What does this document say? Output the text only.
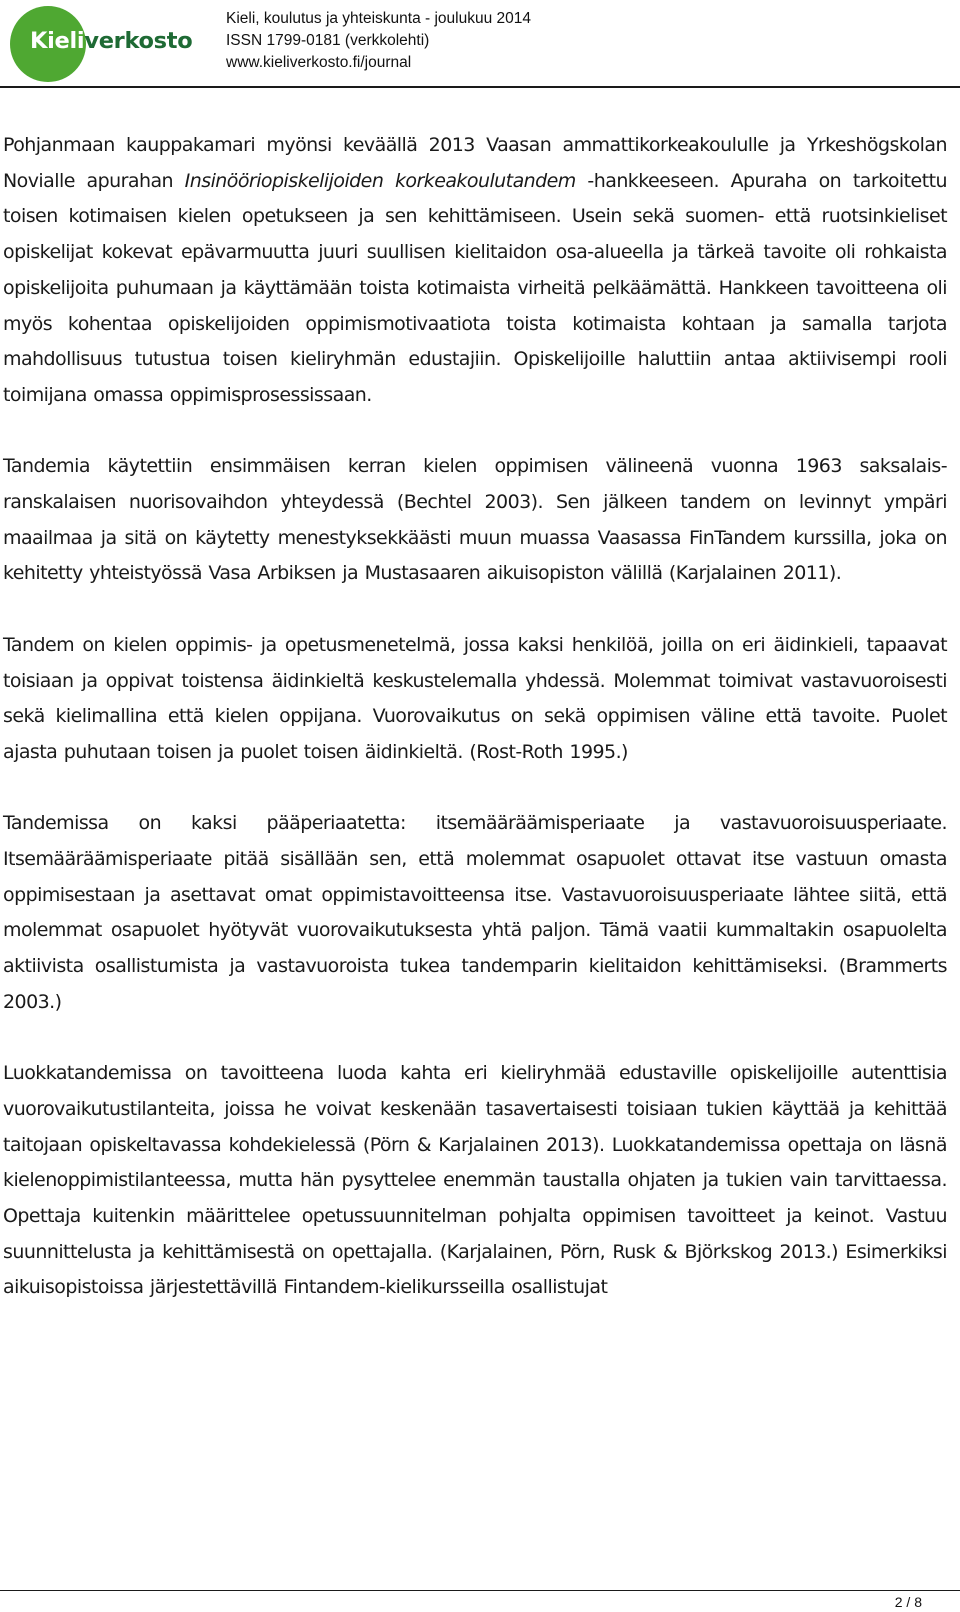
Kieliverkosto
Kieli, koulutus ja yhteiskunta - joulukuu 2014
ISSN 1799-0181 (verkkolehti)
www.kieliverkosto.fi/journal

Pohjanmaan kauppakamari myönsi keväällä 2013 Vaasan ammattikorkeakoululle ja Yrkeshögskolan Novialle apurahan Insinööriopiskelijoiden korkeakoulutandem -hankkeeseen. Apuraha on tarkoitettu toisen kotimaisen kielen opetukseen ja sen kehittämiseen. Usein sekä suomen- että ruotsinkieliset opiskelijat kokevat epävarmuutta juuri suullisen kielitaidon osa-alueella ja tärkeä tavoite oli rohkaista opiskelijoita puhumaan ja käyttämään toista kotimaista virheitä pelkäämättä. Hankkeen tavoitteena oli myös kohentaa opiskelijoiden oppimismotivaatiota toista kotimaista kohtaan ja samalla tarjota mahdollisuus tutustua toisen kieliryhmän edustajiin. Opiskelijoille haluttiin antaa aktiivisempi rooli toimijana omassa oppimisprosessissaan.

Tandemia käytettiin ensimmäisen kerran kielen oppimisen välineenä vuonna 1963 saksalais-ranskalaisen nuorisovaihdon yhteydessä (Bechtel 2003). Sen jälkeen tandem on levinnyt ympäri maailmaa ja sitä on käytetty menestyksekkäästi muun muassa Vaasassa FinTandem kurssilla, joka on kehitetty yhteistyössä Vasa Arbiksen ja Mustasaaren aikuisopiston välillä (Karjalainen 2011).

Tandem on kielen oppimis- ja opetusmenetelmä, jossa kaksi henkilöä, joilla on eri äidinkieli, tapaavat toisiaan ja oppivat toistensa äidinkieltä keskustelemalla yhdessä. Molemmat toimivat vastavuoroisesti sekä kielimallina että kielen oppijana. Vuorovaikutus on sekä oppimisen väline että tavoite. Puolet ajasta puhutaan toisen ja puolet toisen äidinkieltä. (Rost-Roth 1995.)

Tandemissa on kaksi pääperiaatetta: itsemääräämisperiaate ja vastavuoroisuusperiaate. Itsemääräämisperiaate pitää sisällään sen, että molemmat osapuolet ottavat itse vastuun omasta oppimisestaan ja asettavat omat oppimistavoitteensa itse. Vastavuoroisuusperiaate lähtee siitä, että molemmat osapuolet hyötyvät vuorovaikutuksesta yhtä paljon. Tämä vaatii kummaltakin osapuolelta aktiivista osallistumista ja vastavuoroista tukea tandemparin kielitaidon kehittämiseksi. (Brammerts 2003.)

Luokkatandemissa on tavoitteena luoda kahta eri kieliryhmää edustaville opiskelijoille autenttisia vuorovaikutustilanteita, joissa he voivat keskenään tasavertaisesti toisiaan tukien käyttää ja kehittää taitojaan opiskeltavassa kohdekielessä (Pörn & Karjalainen 2013). Luokkatandemissa opettaja on läsnä kielenoppimistilanteessa, mutta hän pysyttelee enemmän taustalla ohjaten ja tukien vain tarvittaessa. Opettaja kuitenkin määrittelee opetussuunnitelman pohjalta oppimisen tavoitteet ja keinot. Vastuu suunnittelusta ja kehittämisestä on opettajalla. (Karjalainen, Pörn, Rusk & Björkskog 2013.) Esimerkiksi aikuisopistoissa järjestettävillä Fintandem-kielikursseilla osallistujat

2 / 8
